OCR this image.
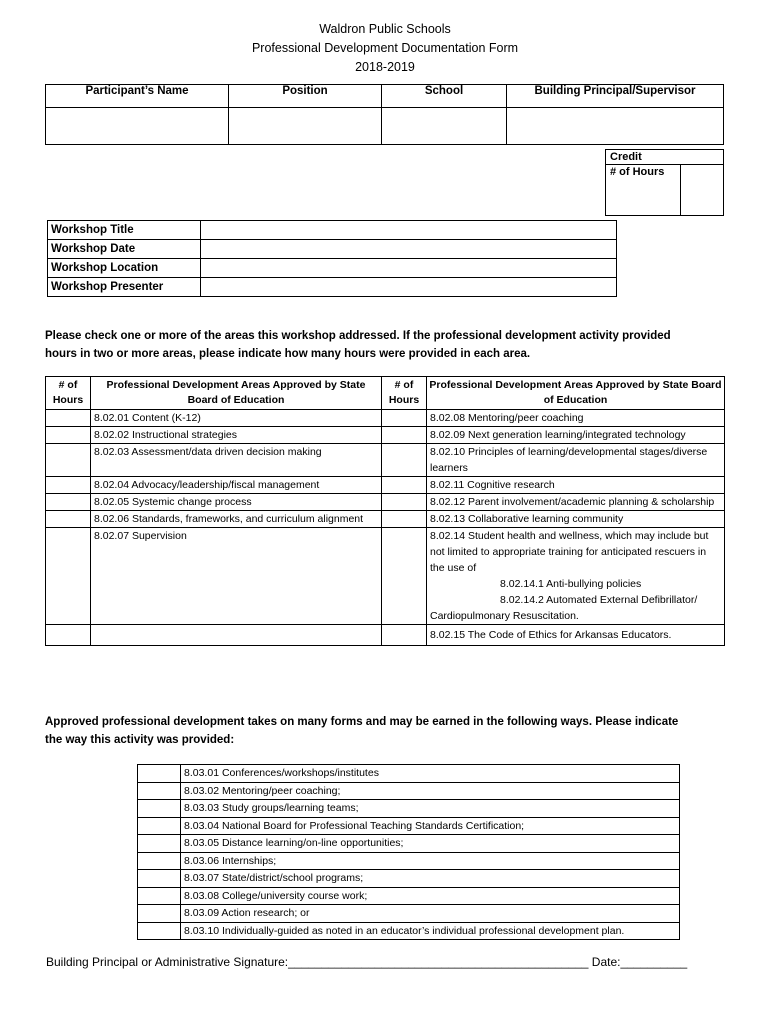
Waldron Public Schools
Professional Development Documentation Form
2018-2019
Participant’s Name	Position	School	Building Principal/Supervisor

Credit
# of Hours	
Workshop Title	
Workshop Date	
Workshop Location	
Workshop Presenter	
Please check one or more of the areas this workshop addressed. If the professional development activity provided
hours in two or more areas, please indicate how many hours were provided in each area.
# of Hours	Professional Development Areas Approved by State Board of Education	# of Hours	Professional Development Areas Approved by State Board of Education
	8.02.01 Content (K-12)		8.02.08 Mentoring/peer coaching
	8.02.02 Instructional strategies		8.02.09 Next generation learning/integrated technology
	8.02.03 Assessment/data driven decision making		8.02.10 Principles of learning/developmental stages/diverse learners
	8.02.04 Advocacy/leadership/fiscal management		8.02.11 Cognitive research
	8.02.05 Systemic change process		8.02.12 Parent involvement/academic planning & scholarship
	8.02.06 Standards, frameworks, and curriculum alignment		8.02.13 Collaborative learning community
	8.02.07 Supervision		8.02.14 Student health and wellness, which may include but not limited to appropriate training for anticipated rescuers in the use of
8.02.14.1 Anti-bullying policies
8.02.14.2 Automated External Defibrillator/
Cardiopulmonary Resuscitation.

			8.02.15 The Code of Ethics for Arkansas Educators.
Approved professional development takes on many forms and may be earned in the following ways. Please indicate
the way this activity was provided:
	8.03.01 Conferences/workshops/institutes
	8.03.02 Mentoring/peer coaching;
	8.03.03 Study groups/learning teams;
	8.03.04 National Board for Professional Teaching Standards Certification;
	8.03.05 Distance learning/on-line opportunities;
	8.03.06 Internships;
	8.03.07 State/district/school programs;
	8.03.08 College/university course work;
	8.03.09 Action research; or
	8.03.10 Individually-guided as noted in an educator’s individual professional development plan.
Building Principal or Administrative Signature:_____________________________________________ Date:__________
